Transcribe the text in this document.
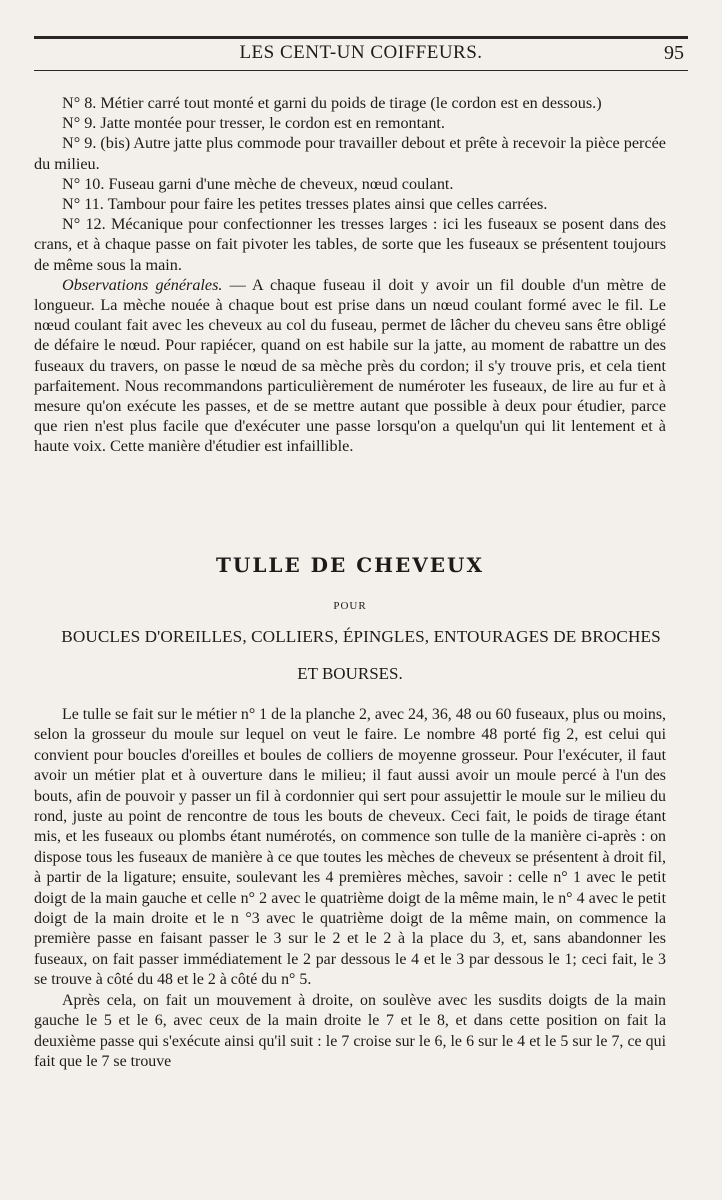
LES CENT-UN COIFFEURS.	95

N° 8. Métier carré tout monté et garni du poids de tirage (le cordon est en dessous.)

N° 9. Jatte montée pour tresser, le cordon est en remontant.

N° 9. (bis) Autre jatte plus commode pour travailler debout et prête à recevoir la pièce percée du milieu.

N° 10. Fuseau garni d'une mèche de cheveux, nœud coulant.

N° 11. Tambour pour faire les petites tresses plates ainsi que celles carrées.

N° 12. Mécanique pour confectionner les tresses larges : ici les fuseaux se posent dans des crans, et à chaque passe on fait pivoter les tables, de sorte que les fuseaux se présentent toujours de même sous la main.

Observations générales. — A chaque fuseau il doit y avoir un fil double d'un mètre de longueur. La mèche nouée à chaque bout est prise dans un nœud coulant formé avec le fil. Le nœud coulant fait avec les cheveux au col du fuseau, permet de lâcher du cheveu sans être obligé de défaire le nœud. Pour rapiécer, quand on est habile sur la jatte, au moment de rabattre un des fuseaux du travers, on passe le nœud de sa mèche près du cordon; il s'y trouve pris, et cela tient parfaitement. Nous recommandons particulièrement de numéroter les fuseaux, de lire au fur et à mesure qu'on exécute les passes, et de se mettre autant que possible à deux pour étudier, parce que rien n'est plus facile que d'exécuter une passe lorsqu'on a quelqu'un qui lit lentement et à haute voix. Cette manière d'étudier est infaillible.

TULLE DE CHEVEUX
POUR
BOUCLES D'OREILLES, COLLIERS, ÉPINGLES, ENTOURAGES DE BROCHES
ET BOURSES.

Le tulle se fait sur le métier n° 1 de la planche 2, avec 24, 36, 48 ou 60 fuseaux, plus ou moins, selon la grosseur du moule sur lequel on veut le faire. Le nombre 48 porté fig 2, est celui qui convient pour boucles d'oreilles et boules de colliers de moyenne grosseur. Pour l'exécuter, il faut avoir un métier plat et à ouverture dans le milieu; il faut aussi avoir un moule percé à l'un des bouts, afin de pouvoir y passer un fil à cordonnier qui sert pour assujettir le moule sur le milieu du rond, juste au point de rencontre de tous les bouts de cheveux. Ceci fait, le poids de tirage étant mis, et les fuseaux ou plombs étant numérotés, on commence son tulle de la manière ci-après : on dispose tous les fuseaux de manière à ce que toutes les mèches de cheveux se présentent à droit fil, à partir de la ligature; ensuite, soulevant les 4 premières mèches, savoir : celle n° 1 avec le petit doigt de la main gauche et celle n° 2 avec le quatrième doigt de la même main, le n° 4 avec le petit doigt de la main droite et le n °3 avec le quatrième doigt de la même main, on commence la première passe en faisant passer le 3 sur le 2 et le 2 à la place du 3, et, sans abandonner les fuseaux, on fait passer immédiatement le 2 par dessous le 4 et le 3 par dessous le 1; ceci fait, le 3 se trouve à côté du 48 et le 2 à côté du n° 5.

Après cela, on fait un mouvement à droite, on soulève avec les susdits doigts de la main gauche le 5 et le 6, avec ceux de la main droite le 7 et le 8, et dans cette position on fait la deuxième passe qui s'exécute ainsi qu'il suit : le 7 croise sur le 6, le 6 sur le 4 et le 5 sur le 7, ce qui fait que le 7 se trouve
